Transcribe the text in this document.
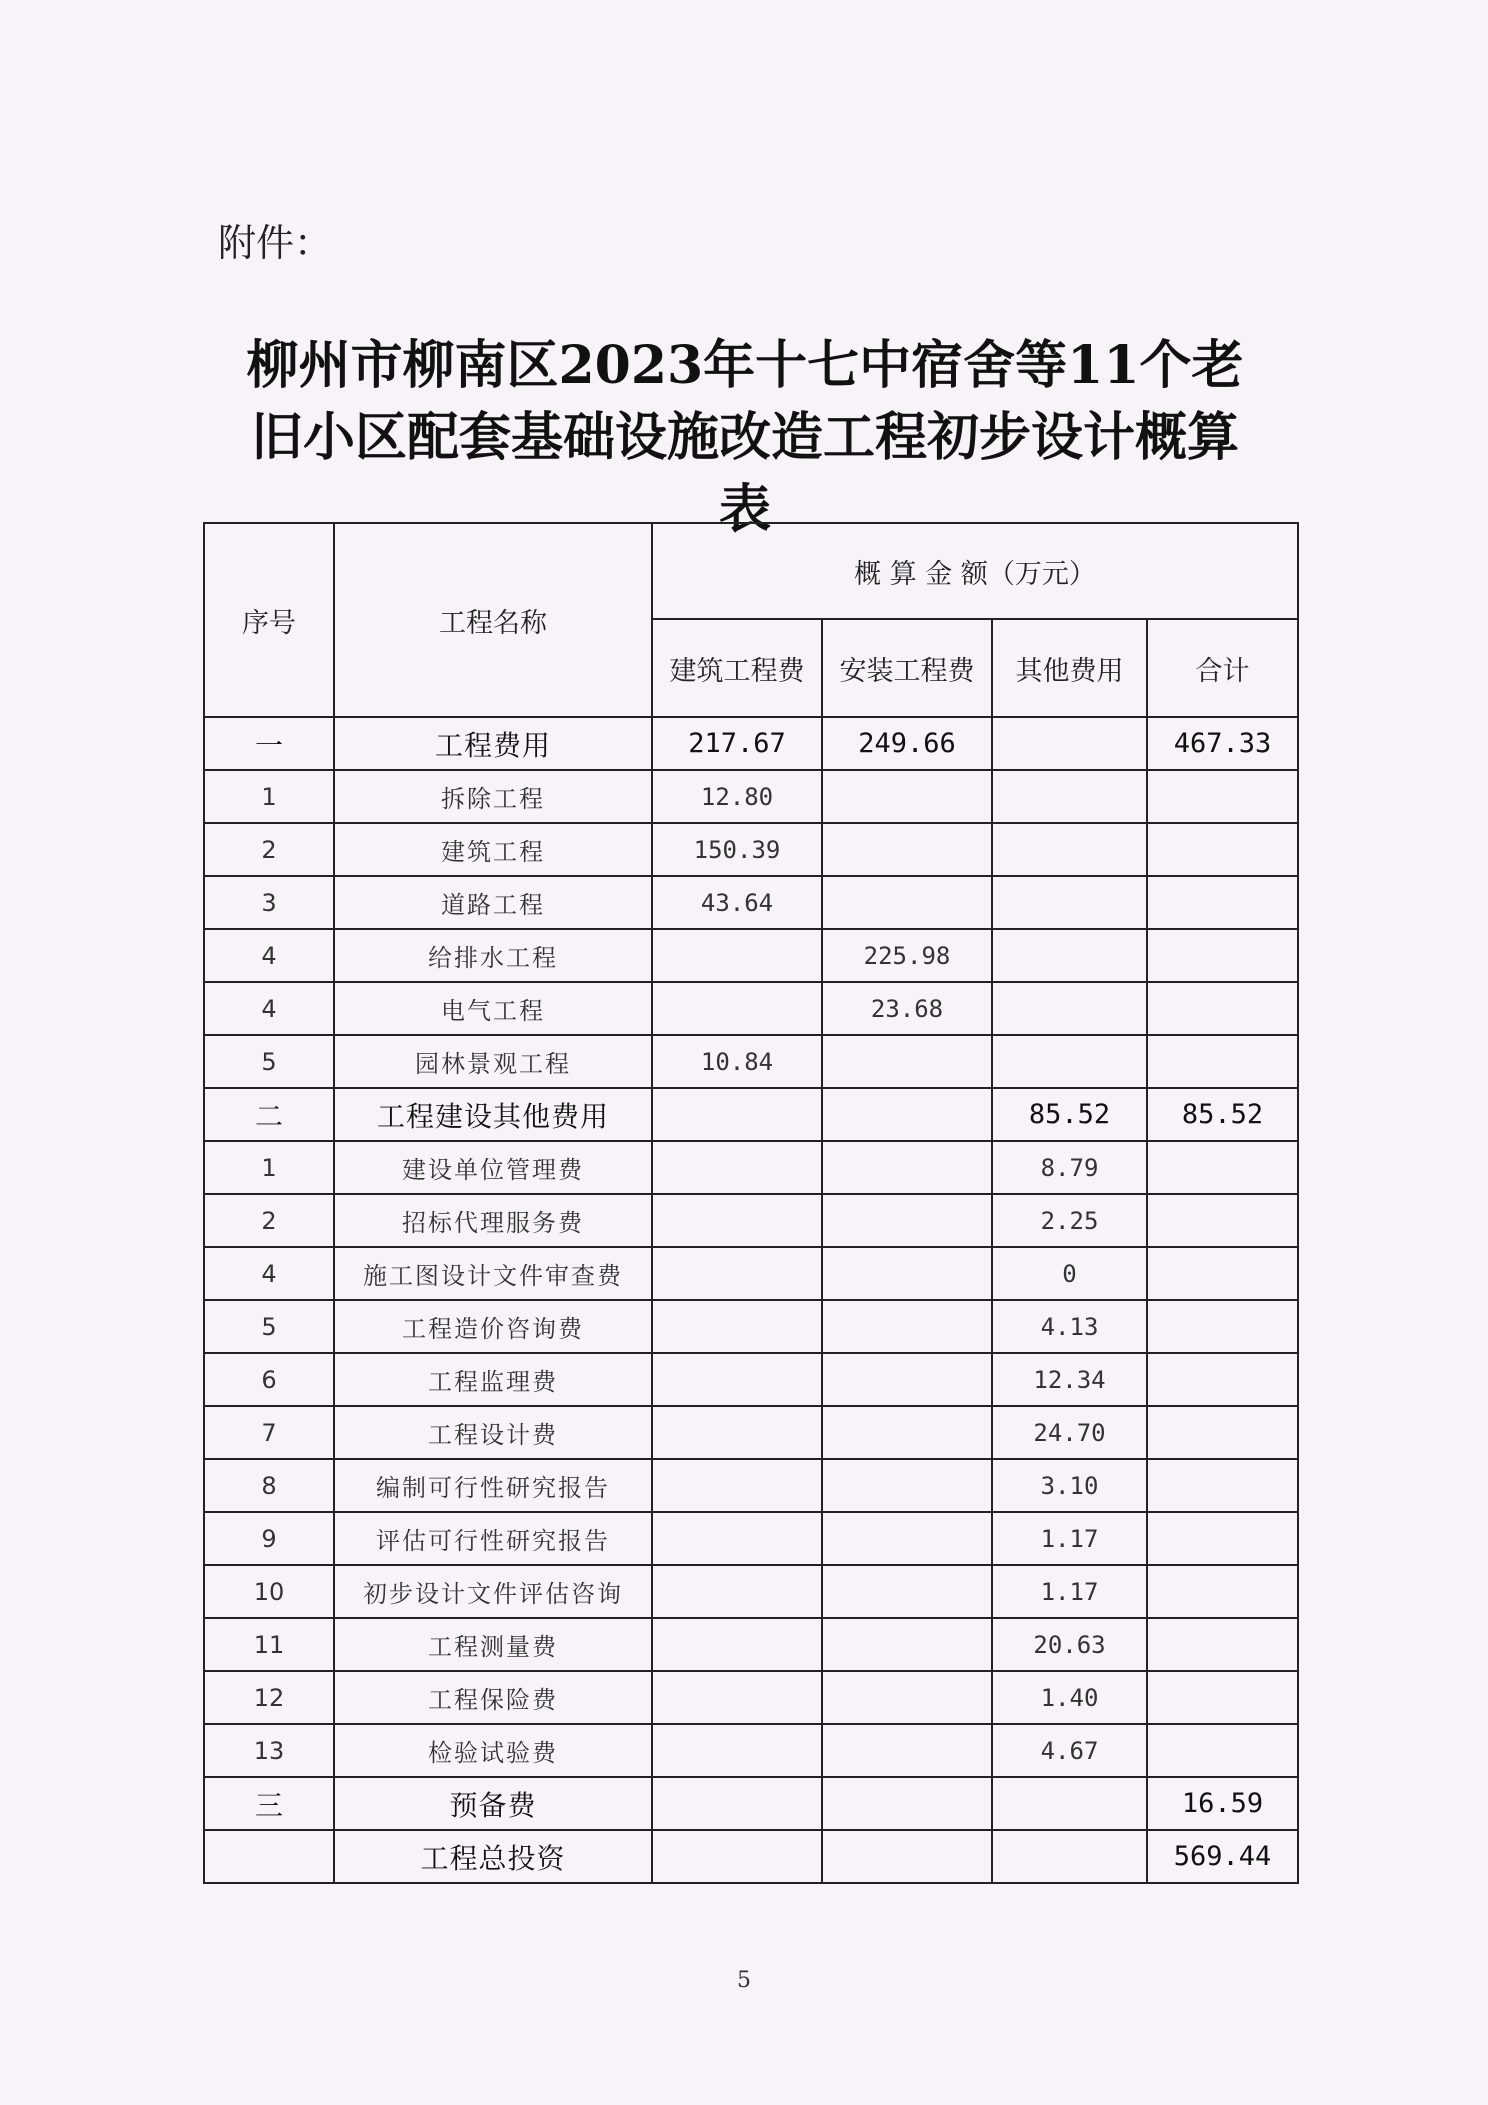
附件：
柳州市柳南区2023年十七中宿舍等11个老
旧小区配套基础设施改造工程初步设计概算
表
序号	工程名称	概 算 金 额（万元）			
		建筑工程费	安装工程费	其他费用	合计
一	工程费用	217.67	249.66		467.33
1	拆除工程	12.80			
2	建筑工程	150.39			
3	道路工程	43.64			
4	给排水工程		225.98		
4	电气工程		23.68		
5	园林景观工程	10.84			
二	工程建设其他费用			85.52	85.52
1	建设单位管理费			8.79	
2	招标代理服务费			2.25	
4	施工图设计文件审查费			0	
5	工程造价咨询费			4.13	
6	工程监理费			12.34	
7	工程设计费			24.70	
8	编制可行性研究报告			3.10	
9	评估可行性研究报告			1.17	
10	初步设计文件评估咨询			1.17	
11	工程测量费			20.63	
12	工程保险费			1.40	
13	检验试验费			4.67	
三	预备费				16.59
	工程总投资				569.44
5
